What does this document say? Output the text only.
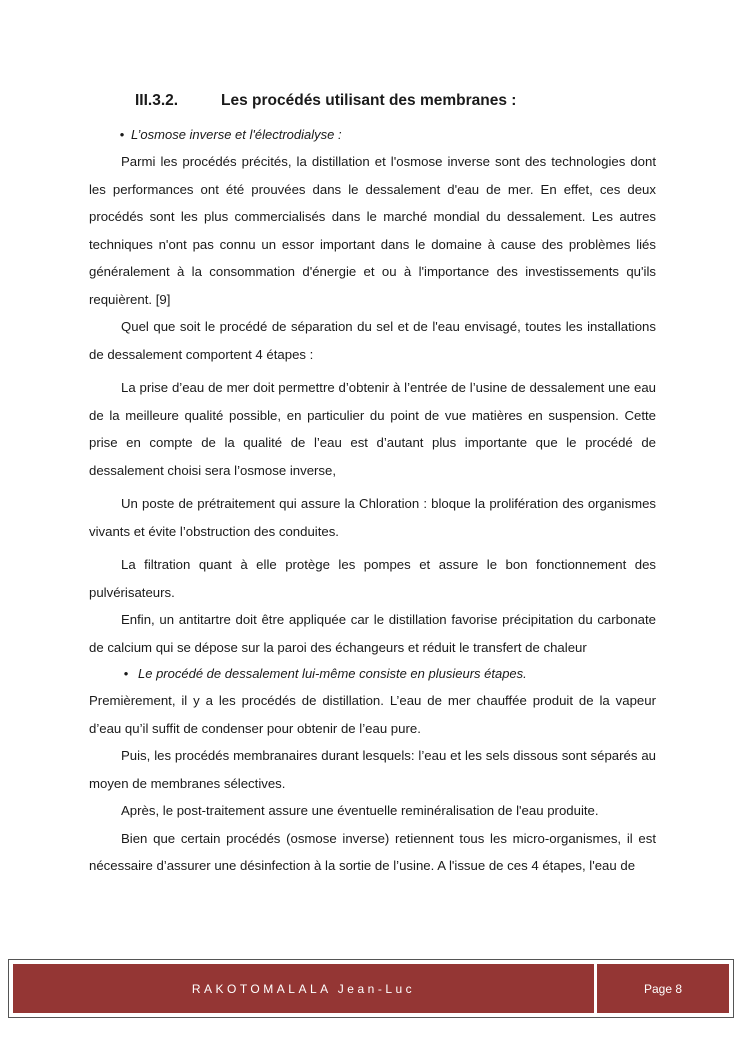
III.3.2.	Les procédés utilisant des membranes :
• L’osmose inverse et l'électrodialyse :

Parmi les procédés précités, la distillation et l'osmose inverse sont des technologies dont les performances ont été prouvées dans le dessalement d'eau de mer. En effet, ces deux procédés sont les plus commercialisés dans le marché mondial du dessalement. Les autres techniques n'ont pas connu un essor important dans le domaine à cause des problèmes liés généralement à la consommation d'énergie et ou à l'importance des investissements qu'ils requièrent. [9]

Quel que soit le procédé de séparation du sel et de l'eau envisagé, toutes les installations de dessalement comportent 4 étapes :

La prise d’eau de mer doit permettre d’obtenir à l’entrée de l’usine de dessalement une eau de la meilleure qualité possible, en particulier du point de vue matières en suspension. Cette prise en compte de la qualité de l’eau est d’autant plus importante que le procédé de dessalement choisi sera l’osmose inverse,

Un poste de prétraitement qui assure la Chloration : bloque la prolifération des organismes vivants et évite l’obstruction des conduites.

La filtration quant à elle protège les pompes et assure le bon fonctionnement des pulvérisateurs.

Enfin, un antitartre doit être appliquée car le distillation favorise précipitation du carbonate de calcium qui se dépose sur la paroi des échangeurs et réduit le transfert de chaleur

• Le procédé de dessalement lui-même consiste en plusieurs étapes.

Premièrement, il y a les procédés de distillation. L’eau de mer chauffée produit de la vapeur d’eau qu’il suffit de condenser pour obtenir de l’eau pure.

Puis, les procédés membranaires durant lesquels: l’eau et les sels dissous sont séparés au moyen de membranes sélectives.

Après, le post-traitement assure une éventuelle reminéralisation de l'eau produite.

Bien que certain procédés (osmose inverse) retiennent tous les micro-organismes, il est nécessaire d’assurer une désinfection à la sortie de l’usine. A l'issue de ces 4 étapes, l'eau de

RAKOTOMALALA Jean-Luc	Page 8
